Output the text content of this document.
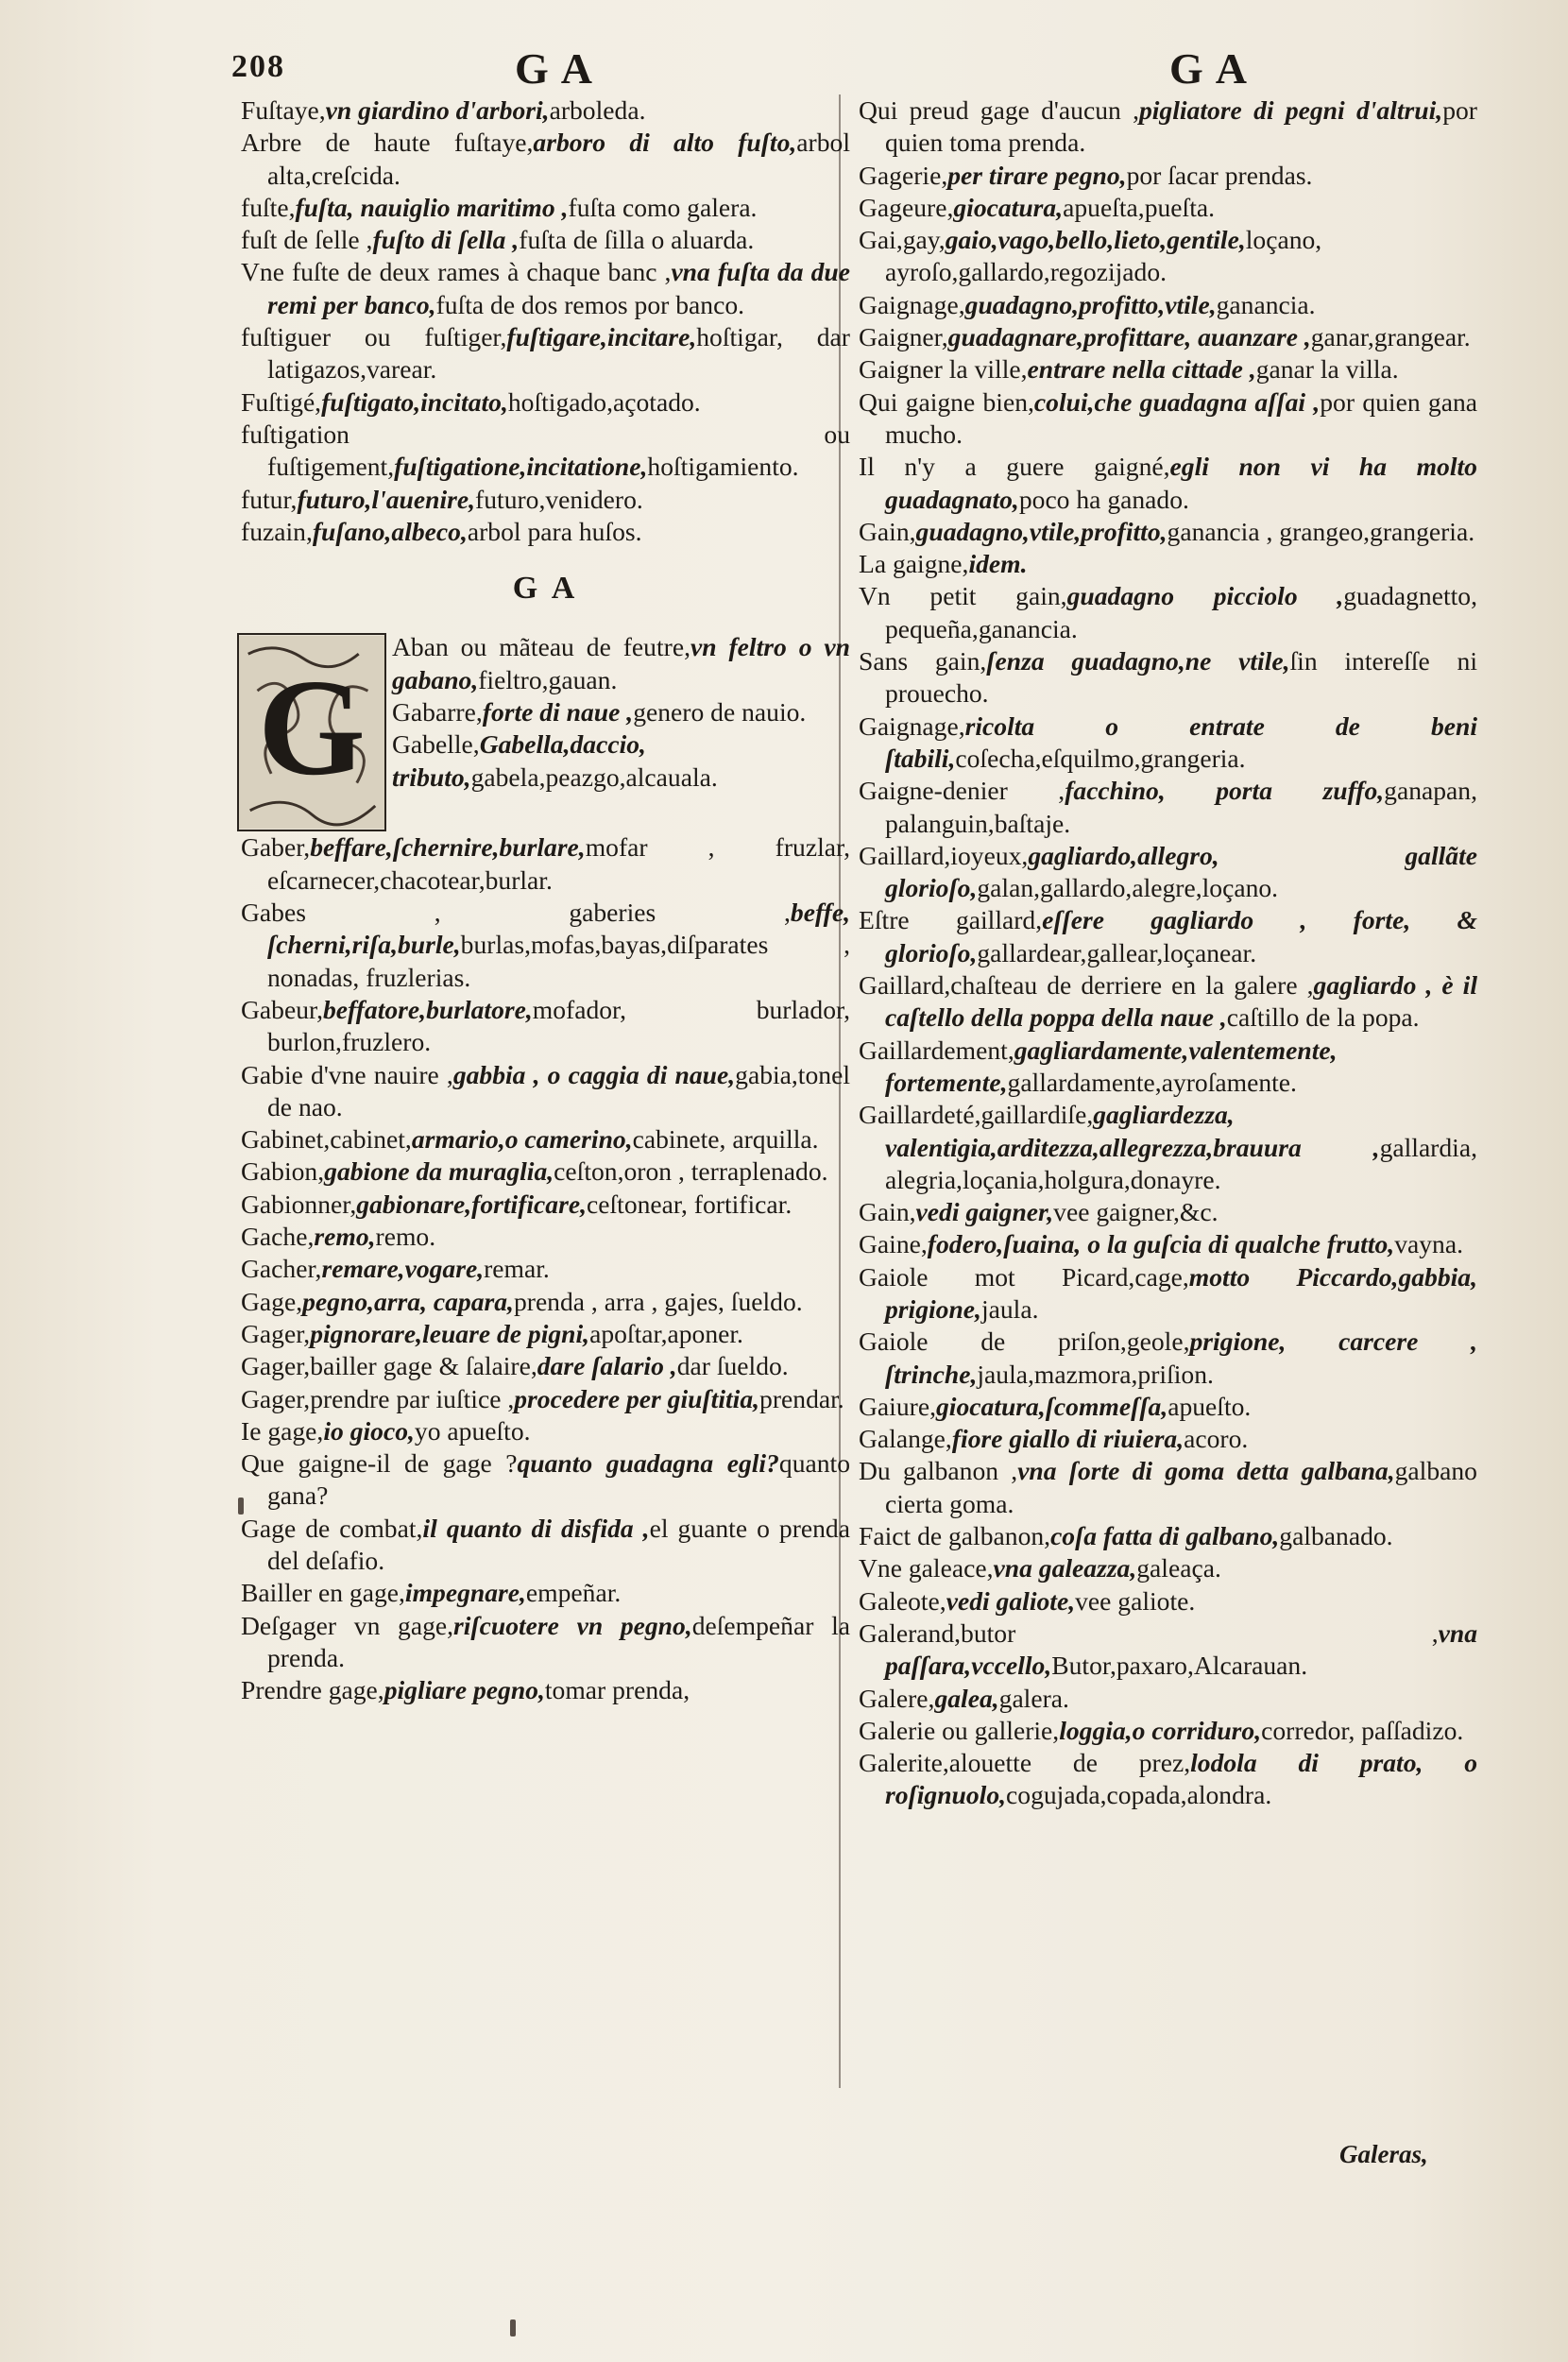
208	G A	G A

Fuſtaye,vn giardino d'arbori,arboleda.

Arbre de haute fuſtaye,arboro di alto fuſto,arbol alta,creſcida.

fuſte,fuſta, nauiglio maritimo ,fuſta como galera.

fuſt de ſelle ,fuſto di ſella ,fuſta de ſilla o aluarda.

Vne fuſte de deux rames à chaque banc ,vna fuſta da due remi per banco,fuſta de dos remos por banco.

fuſtiguer ou fuſtiger,fuſtigare,incitare,hoſtigar, dar latigazos,varear.

Fuſtigé,fuſtigato,incitato,hoſtigado,açotado.

fuſtigation ou fuſtigement,fuſtigatione,incitatione,hoſtigamiento.

futur,futuro,l'auenire,futuro,venidero.

fuzain,fuſano,albeco,arbol para huſos.

G A

G

Aban ou mãteau de feutre,vn feltro o vn gabano,fieltro,gauan.

Gabarre,forte di naue ,genero de nauio.

Gabelle,Gabella,daccio, tributo,gabela,peazgo,alcauala.

Gaber,beffare,ſchernire,burlare,mofar , fruzlar, eſcarnecer,chacotear,burlar.

Gabes , gaberies ,beffe, ſcherni,riſa,burle,burlas,mofas,bayas,diſparates , nonadas, fruzlerias.

Gabeur,beffatore,burlatore,mofador, burlador, burlon,fruzlero.

Gabie d'vne nauire ,gabbia , o caggia di naue,gabia,tonel de nao.

Gabinet,cabinet,armario,o camerino,cabinete, arquilla.

Gabion,gabione da muraglia,ceſton,oron , terraplenado.

Gabionner,gabionare,fortificare,ceſtonear, fortificar.

Gache,remo,remo.

Gacher,remare,vogare,remar.

Gage,pegno,arra, capara,prenda , arra , gajes, ſueldo.

Gager,pignorare,leuare de pigni,apoſtar,aponer.

Gager,bailler gage & ſalaire,dare ſalario ,dar ſueldo.

Gager,prendre par iuſtice ,procedere per giuſtitia,prendar.

Ie gage,io gioco,yo apueſto.

Que gaigne-il de gage ?quanto guadagna egli?quanto gana?

Gage de combat,il quanto di disfida ,el guante o prenda del deſafio.

Bailler en gage,impegnare,empeñar.

Deſgager vn gage,riſcuotere vn pegno,deſempeñar la prenda.

Prendre gage,pigliare pegno,tomar prenda,

Qui preud gage d'aucun ,pigliatore di pegni d'altrui,por quien toma prenda.

Gagerie,per tirare pegno,por ſacar prendas.

Gageure,giocatura,apueſta,pueſta.

Gai,gay,gaio,vago,bello,lieto,gentile,loçano, ayroſo,gallardo,regozijado.

Gaignage,guadagno,profitto,vtile,ganancia.

Gaigner,guadagnare,profittare, auanzare ,ganar,grangear.

Gaigner la ville,entrare nella cittade ,ganar la villa.

Qui gaigne bien,colui,che guadagna aſſai ,por quien gana mucho.

Il n'y a guere gaigné,egli non vi ha molto guadagnato,poco ha ganado.

Gain,guadagno,vtile,profitto,ganancia , grangeo,grangeria.

La gaigne,idem.

Vn petit gain,guadagno picciolo ,guadagnetto, pequeña,ganancia.

Sans gain,ſenza guadagno,ne vtile,ſin intereſſe ni prouecho.

Gaignage,ricolta o entrate de beni ſtabili,coſecha,eſquilmo,grangeria.

Gaigne-denier ,facchino, porta zuffo,ganapan, palanguin,baſtaje.

Gaillard,ioyeux,gagliardo,allegro, gallãte glorioſo,galan,gallardo,alegre,loçano.

Eſtre gaillard,eſſere gagliardo , forte, & glorioſo,gallardear,gallear,loçanear.

Gaillard,chaſteau de derriere en la galere ,gagliardo , è il caſtello della poppa della naue ,caſtillo de la popa.

Gaillardement,gagliardamente,valentemente, fortemente,gallardamente,ayroſamente.

Gaillardeté,gaillardiſe,gagliardezza, valentigia,arditezza,allegrezza,brauura ,gallardia, alegria,loçania,holgura,donayre.

Gain,vedi gaigner,vee gaigner,&c.

Gaine,fodero,ſuaina, o la guſcia di qualche frutto,vayna.

Gaiole mot Picard,cage,motto Piccardo,gabbia, prigione,jaula.

Gaiole de priſon,geole,prigione, carcere , ſtrinche,jaula,mazmora,priſion.

Gaiure,giocatura,ſcommeſſa,apueſto.

Galange,fiore giallo di riuiera,acoro.

Du galbanon ,vna ſorte di goma detta galbana,galbano cierta goma.

Faict de galbanon,coſa fatta di galbano,galbanado.

Vne galeace,vna galeazza,galeaça.

Galeote,vedi galiote,vee galiote.

Galerand,butor ,vna paſſara,vccello,Butor,paxaro,Alcarauan.

Galere,galea,galera.

Galerie ou gallerie,loggia,o corriduro,corredor, paſſadizo.

Galerite,alouette de prez,lodola di prato, o roſignuolo,cogujada,copada,alondra.

Galeras,
